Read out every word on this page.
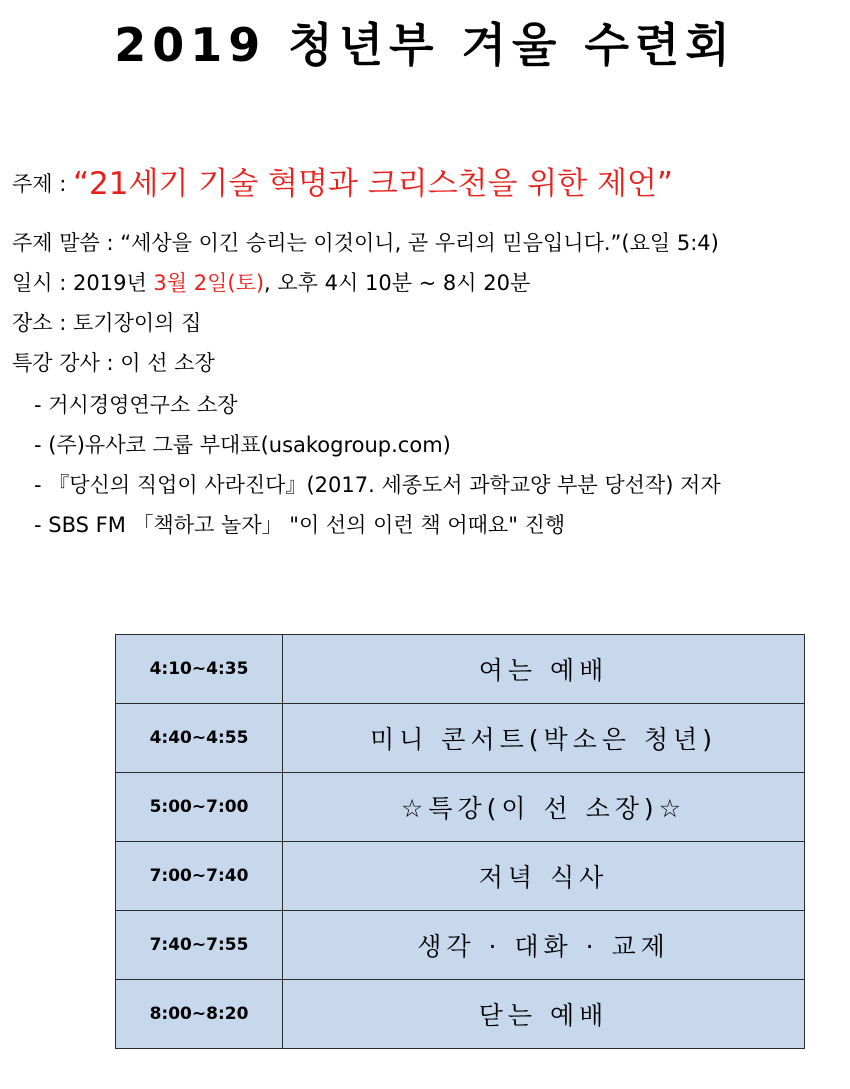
2019 청년부 겨울 수련회
주제 : “21세기 기술 혁명과 크리스천을 위한 제언”
주제 말씀 : “세상을 이긴 승리는 이것이니, 곧 우리의 믿음입니다.”(요일 5:4)
일시 : 2019년 3월 2일(토), 오후 4시 10분 ~ 8시 20분
장소 : 토기장이의 집
특강 강사 : 이 선 소장
- 거시경영연구소 소장
- (주)유사코 그룹 부대표(usakogroup.com)
- 『당신의 직업이 사라진다』(2017. 세종도서 과학교양 부분 당선작) 저자
- SBS FM 「책하고 놀자」 "이 선의 이런 책 어때요" 진행
4:10~4:35	여는 예배
4:40~4:55	미니 콘서트(박소은 청년)
5:00~7:00	☆특강(이 선 소장)☆
7:00~7:40	저녁 식사
7:40~7:55	생각 · 대화 · 교제
8:00~8:20	닫는 예배
